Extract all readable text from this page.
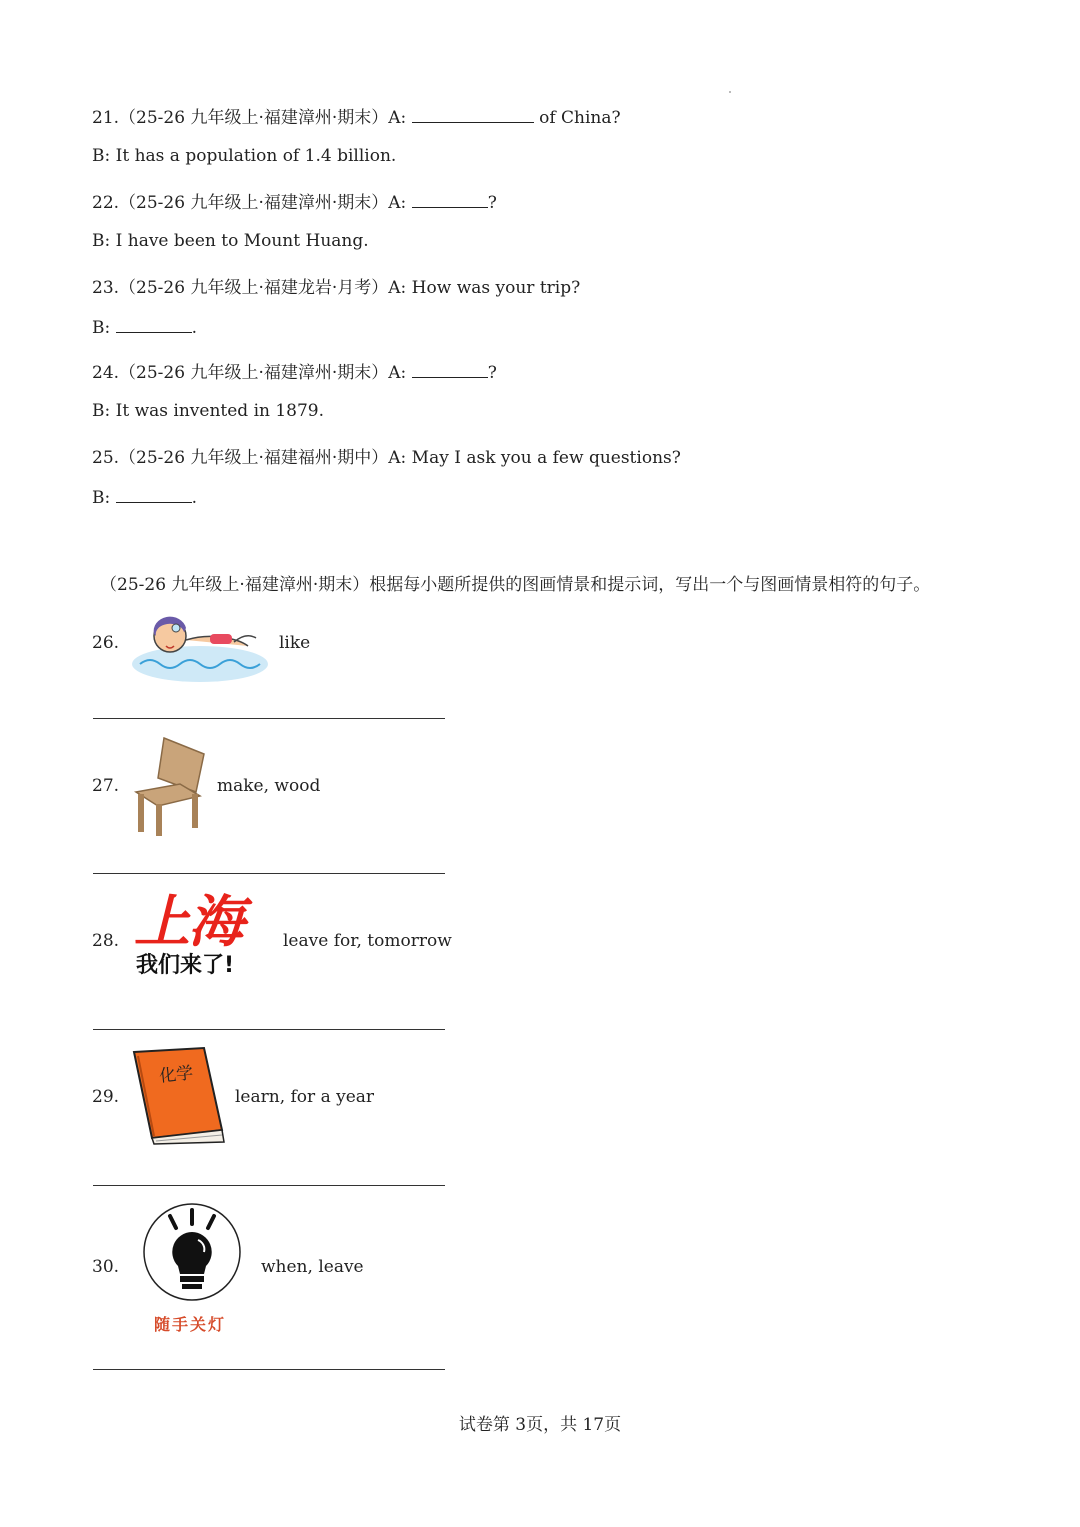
21.（25-26 九年级上·福建漳州·期末）A:	of China?
B: It has a population of 1.4 billion.
22.（25-26 九年级上·福建漳州·期末）A:	?
B: I have been to Mount Huang.
23.（25-26 九年级上·福建龙岩·月考）A: How was your trip?
B:	.
24.（25-26 九年级上·福建漳州·期末）A:	?
B: It was invented in 1879.
25.（25-26 九年级上·福建福州·期中）A: May I ask you a few questions?
B:	.
（25-26 九年级上·福建漳州·期末）根据每小题所提供的图画情景和提示词，写出一个与图画情景相符的句子。
26.	like
27.	make, wood
28. 上海
我们来了!
leave for, tomorrow
29.
化学
learn, for a year
30.
随手关灯
when, leave
试卷第 3页，共 17页
